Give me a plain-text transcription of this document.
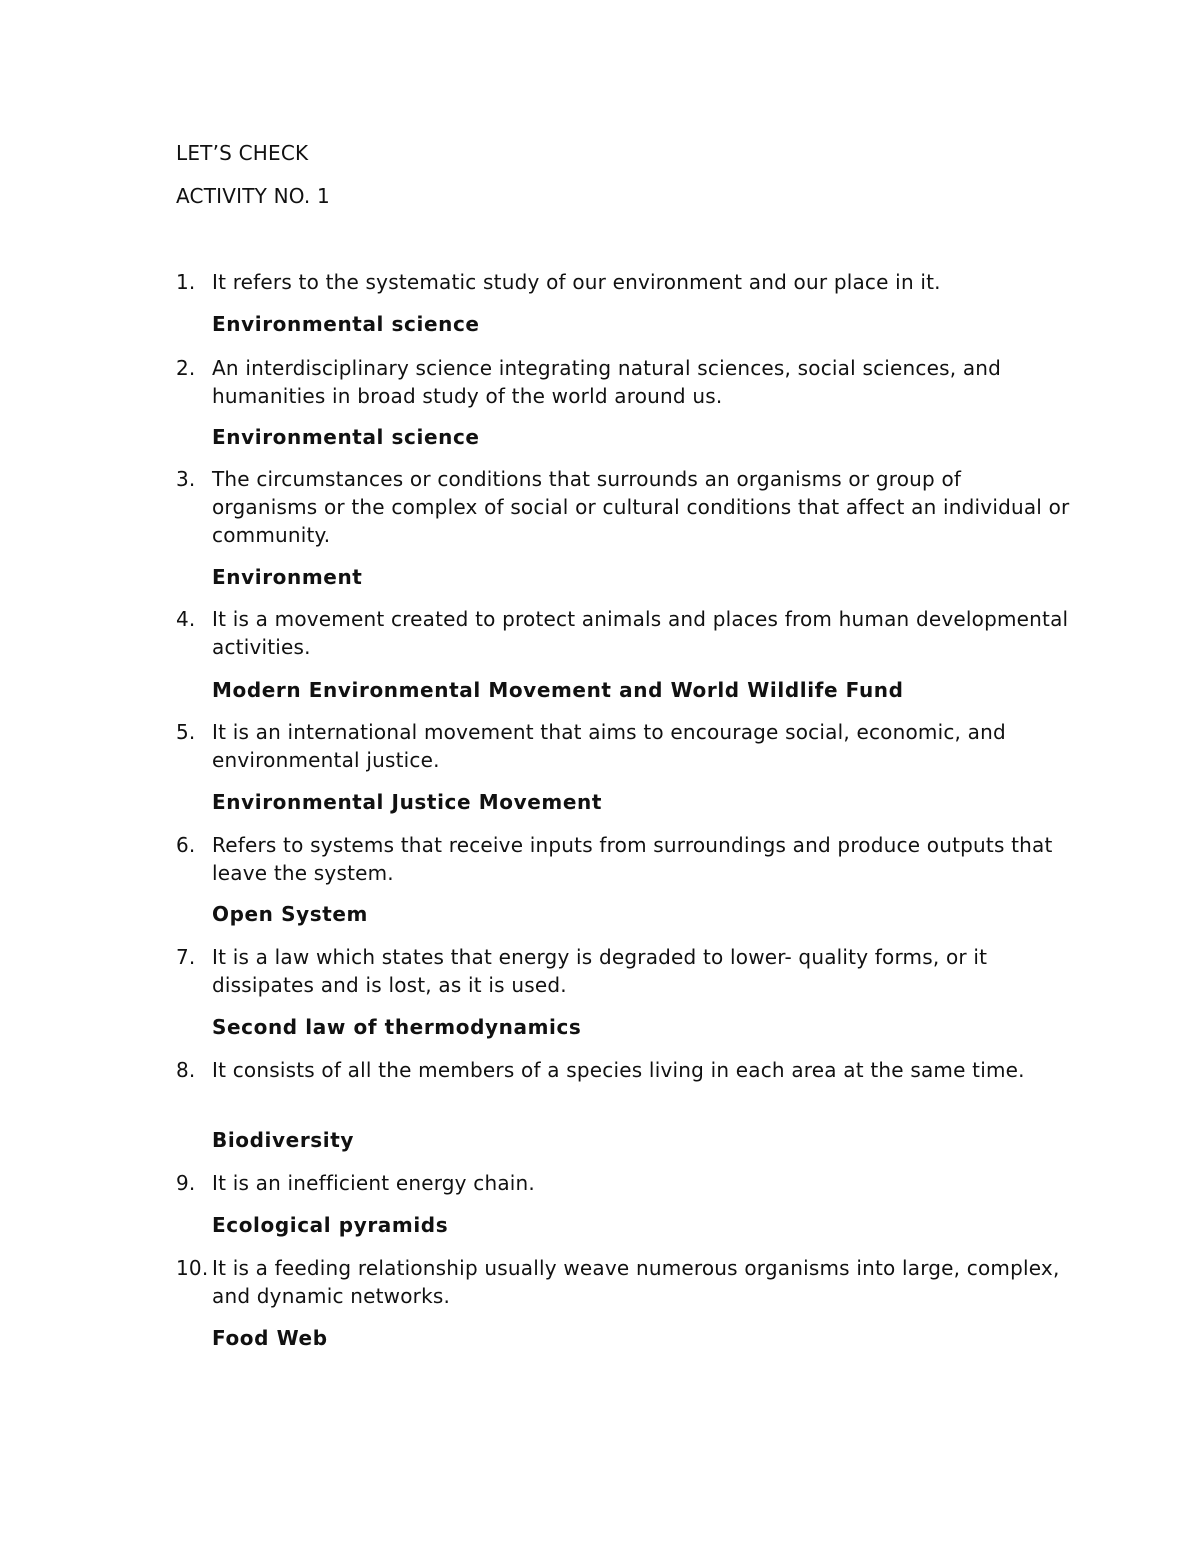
LET’S CHECK
ACTIVITY NO. 1
1. It refers to the systematic study of our environment and our place in it.
Environmental science
2. An interdisciplinary science integrating natural sciences, social sciences, and humanities in broad study of the world around us.
Environmental science
3. The circumstances or conditions that surrounds an organisms or group of organisms or the complex of social or cultural conditions that affect an individual or community.
Environment
4. It is a movement created to protect animals and places from human developmental activities.
Modern Environmental Movement and World Wildlife Fund
5. It is an international movement that aims to encourage social, economic, and environmental justice.
Environmental Justice Movement
6. Refers to systems that receive inputs from surroundings and produce outputs that leave the system.
Open System
7. It is a law which states that energy is degraded to lower- quality forms, or it dissipates and is lost, as it is used.
Second law of thermodynamics
8. It consists of all the members of a species living in each area at the same time.
Biodiversity
9. It is an inefficient energy chain.
Ecological pyramids
10. It is a feeding relationship usually weave numerous organisms into large, complex, and dynamic networks.
Food Web
